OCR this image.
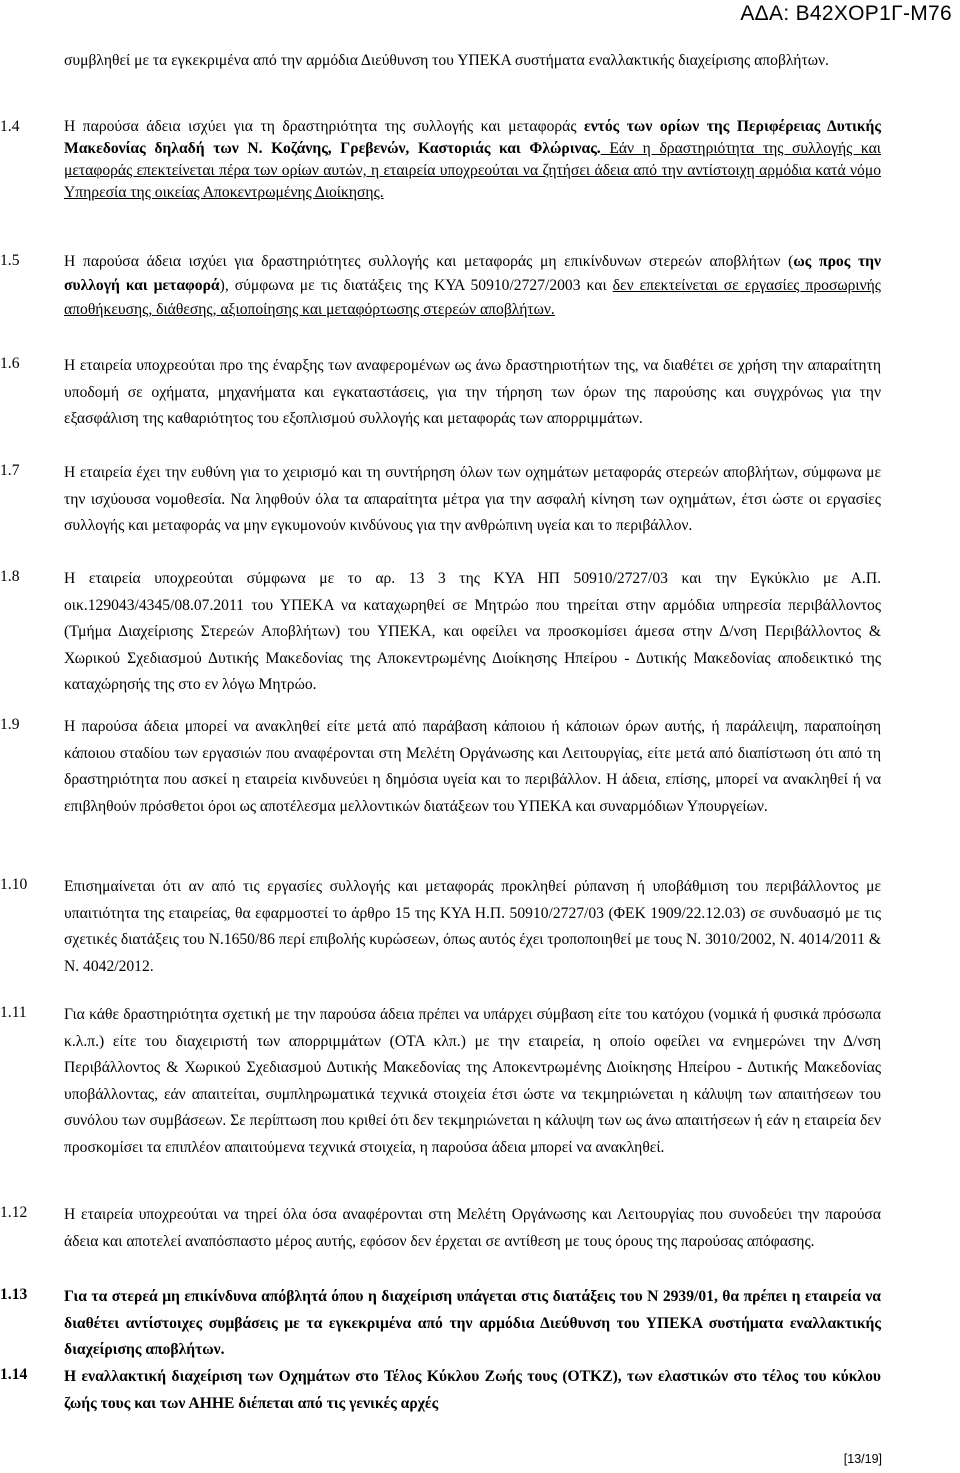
ΑΔΑ: Β42ΧΟΡ1Γ-Μ76
συμβληθεί με τα εγκεκριμένα από την αρμόδια Διεύθυνση του ΥΠΕΚΑ συστήματα εναλλακτικής διαχείρισης αποβλήτων.
1.4	Η παρούσα άδεια ισχύει για τη δραστηριότητα της συλλογής και μεταφοράς εντός των ορίων της Περιφέρειας Δυτικής Μακεδονίας δηλαδή των Ν. Κοζάνης, Γρεβενών, Καστοριάς και Φλώρινας. Εάν η δραστηριότητα της συλλογής και μεταφοράς επεκτείνεται πέρα των ορίων αυτών, η εταιρεία υποχρεούται να ζητήσει άδεια από την αντίστοιχη αρμόδια κατά νόμο Υπηρεσία της οικείας Αποκεντρωμένης Διοίκησης.
1.5	Η παρούσα άδεια ισχύει για δραστηριότητες συλλογής και μεταφοράς μη επικίνδυνων στερεών αποβλήτων (ως προς την συλλογή και μεταφορά), σύμφωνα με τις διατάξεις της ΚΥΑ 50910/2727/2003 και δεν επεκτείνεται σε εργασίες προσωρινής αποθήκευσης, διάθεσης, αξιοποίησης και μεταφόρτωσης στερεών αποβλήτων.
1.6	Η εταιρεία υποχρεούται προ της έναρξης των αναφερομένων ως άνω δραστηριοτήτων της, να διαθέτει σε χρήση την απαραίτητη υποδομή σε οχήματα, μηχανήματα και εγκαταστάσεις, για την τήρηση των όρων της παρούσης και συγχρόνως για την εξασφάλιση της καθαριότητος του εξοπλισμού συλλογής και μεταφοράς των απορριμμάτων.
1.7	Η εταιρεία έχει την ευθύνη για το χειρισμό και τη συντήρηση όλων των οχημάτων μεταφοράς στερεών αποβλήτων, σύμφωνα με την ισχύουσα νομοθεσία. Να ληφθούν όλα τα απαραίτητα μέτρα για την ασφαλή κίνηση των οχημάτων, έτσι ώστε οι εργασίες συλλογής και μεταφοράς να μην εγκυμονούν κινδύνους για την ανθρώπινη υγεία και το περιβάλλον.
1.8	Η εταιρεία υποχρεούται σύμφωνα με το αρ. 13 3 της ΚΥΑ ΗΠ 50910/2727/03 και την Εγκύκλιο με Α.Π. οικ.129043/4345/08.07.2011 του ΥΠΕΚΑ να καταχωρηθεί σε Μητρώο που τηρείται στην αρμόδια υπηρεσία περιβάλλοντος (Τμήμα Διαχείρισης Στερεών Αποβλήτων) του ΥΠΕΚΑ, και οφείλει να προσκομίσει άμεσα στην Δ/νση Περιβάλλοντος & Χωρικού Σχεδιασμού Δυτικής Μακεδονίας της Αποκεντρωμένης Διοίκησης Ηπείρου - Δυτικής Μακεδονίας αποδεικτικό της καταχώρησής της στο εν λόγω Μητρώο.
1.9	Η παρούσα άδεια μπορεί να ανακληθεί είτε μετά από παράβαση κάποιου ή κάποιων όρων αυτής, ή παράλειψη, παραποίηση κάποιου σταδίου των εργασιών που αναφέρονται στη Μελέτη Οργάνωσης και Λειτουργίας, είτε μετά από διαπίστωση ότι από τη δραστηριότητα που ασκεί η εταιρεία κινδυνεύει η δημόσια υγεία και το περιβάλλον. Η άδεια, επίσης, μπορεί να ανακληθεί ή να επιβληθούν πρόσθετοι όροι ως αποτέλεσμα μελλοντικών διατάξεων του ΥΠΕΚΑ και συναρμόδιων Υπουργείων.
1.10 Επισημαίνεται ότι αν από τις εργασίες συλλογής και μεταφοράς προκληθεί ρύπανση ή υποβάθμιση του περιβάλλοντος με υπαιτιότητα της εταιρείας, θα εφαρμοστεί το άρθρο 15 της ΚΥΑ Η.Π. 50910/2727/03 (ΦΕΚ 1909/22.12.03) σε συνδυασμό με τις σχετικές διατάξεις του Ν.1650/86 περί επιβολής κυρώσεων, όπως αυτός έχει τροποποιηθεί με τους Ν. 3010/2002, Ν. 4014/2011 & Ν. 4042/2012.
1.11 Για κάθε δραστηριότητα σχετική με την παρούσα άδεια πρέπει να υπάρχει σύμβαση είτε του κατόχου (νομικά ή φυσικά πρόσωπα κ.λ.π.) είτε του διαχειριστή των απορριμμάτων (ΟΤΑ κλπ.) με την εταιρεία, η οποίο οφείλει να ενημερώνει την Δ/νση Περιβάλλοντος & Χωρικού Σχεδιασμού Δυτικής Μακεδονίας της Αποκεντρωμένης Διοίκησης Ηπείρου - Δυτικής Μακεδονίας υποβάλλοντας, εάν απαιτείται, συμπληρωματικά τεχνικά στοιχεία έτσι ώστε να τεκμηριώνεται η κάλυψη των απαιτήσεων του συνόλου των συμβάσεων. Σε περίπτωση που κριθεί ότι δεν τεκμηριώνεται η κάλυψη των ως άνω απαιτήσεων ή εάν η εταιρεία δεν προσκομίσει τα επιπλέον απαιτούμενα τεχνικά στοιχεία, η παρούσα άδεια μπορεί να ανακληθεί.
1.12 Η εταιρεία υποχρεούται να τηρεί όλα όσα αναφέρονται στη Μελέτη Οργάνωσης και Λειτουργίας που συνοδεύει την παρούσα άδεια και αποτελεί αναπόσπαστο μέρος αυτής, εφόσον δεν έρχεται σε αντίθεση με τους όρους της παρούσας απόφασης.
1.13 Για τα στερεά μη επικίνδυνα απόβλητά όπου η διαχείριση υπάγεται στις διατάξεις του Ν 2939/01, θα πρέπει η εταιρεία να διαθέτει αντίστοιχες συμβάσεις με τα εγκεκριμένα από την αρμόδια Διεύθυνση του ΥΠΕΚΑ συστήματα εναλλακτικής διαχείρισης αποβλήτων.
1.14 Η εναλλακτική διαχείριση των Οχημάτων στο Τέλος Κύκλου Ζωής τους (ΟΤΚΖ), των ελαστικών στο τέλος του κύκλου ζωής τους και των ΑΗΗΕ διέπεται από τις γενικές αρχές
[13/19]
